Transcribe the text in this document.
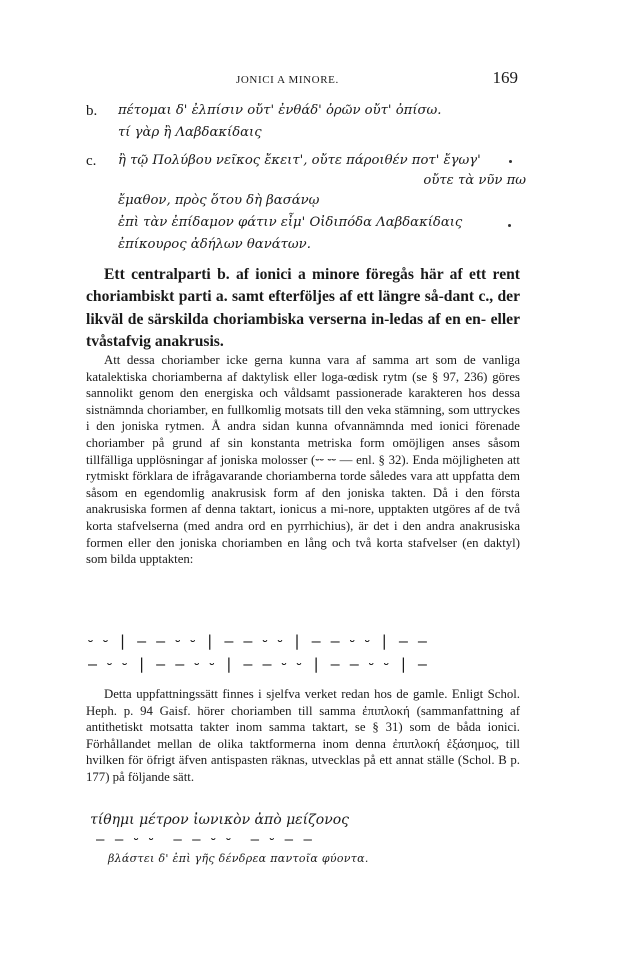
JONICI A MINORE.	169
b. πέτομαι δ' ἐλπίσιν οὔτ' ἐνθάδ' ὁρῶν οὔτ' ὀπίσω.
τί γὰρ ἢ Λαβδακίδαις
c. ἢ τῷ Πολύβου νεῖκος ἔκειτ', οὔτε πάροιθέν ποτ' ἔγωγ'
οὔτε τὰ νῦν πω
ἔμαθον, πρὸς ὅτου δὴ βασάνῳ
ἐπὶ τὰν ἐπίδαμον φάτιν εἶμ' Οἰδιπόδα Λαβδακίδαις
ἐπίκουρος ἀδήλων θανάτων.
Ett centralparti b. af ionici a minore föregås här af ett rent choriambiskt parti a. samt efterföljes af ett längre så-dant c., der likväl de särskilda choriambiska verserna in-ledas af en en- eller tvåstafvig anakrusis.
Att dessa choriamber icke gerna kunna vara af samma art som de vanliga katalektiska choriamberna af daktylisk eller loga-œdisk rytm (se § 97, 236) göres sannolikt genom den energiska och våldsamt passionerade karakteren hos dessa sistnämnda choriamber, en fullkomlig motsats till den veka stämning, som uttryckes i den joniska rytmen. Å andra sidan kunna ofvannämnda med ionici förenade choriamber på grund af sin konstanta metriska form omöjligen anses såsom tillfälliga upplösningar af joniska molosser (⏑⏑ ⏑⏑ — enl. § 32). Enda möjligheten att rytmiskt förklara de ifrågavarande choriamberna torde således vara att uppfatta dem såsom en egendomlig anakrusisk form af den joniska takten. Då i den första anakrusiska formen af denna taktart, ionicus a mi-nore, upptakten utgöres af de två korta stafvelserna (med andra ord en pyrrhichius), är det i den andra anakrusiska formen eller den joniska choriamben en lång och två korta stafvelser (en daktyl) som bilda upptakten:
⏑ ⏑ | — — ⏑ ⏑ | — — ⏑ ⏑ | — — ⏑ ⏑ | — —
— ⏑ ⏑ | — — ⏑ ⏑ | — — ⏑ ⏑ | — — ⏑ ⏑ | —
Detta uppfattningssätt finnes i sjelfva verket redan hos de gamle. Enligt Schol. Heph. p. 94 Gaisf. hörer choriamben till samma ἐπιπλοκή (sammanfattning af antithetiskt motsatta takter inom samma taktart, se § 31) som de båda ionici. Förhållandet mellan de olika taktformerna inom denna ἐπιπλοκή ἐξάσημος, till hvilken för öfrigt äfven antispasten räknas, utvecklas på ett annat ställe (Schol. B p. 177) på följande sätt.
τίθημι μέτρον ἰωνικὸν ἀπὸ μείζονος
— — ⏑ ⏑  — — ⏑ ⏑  — ⏑ — —
βλάστει δ' ἐπὶ γῆς δένδρεα παντοῖα φύοντα.
